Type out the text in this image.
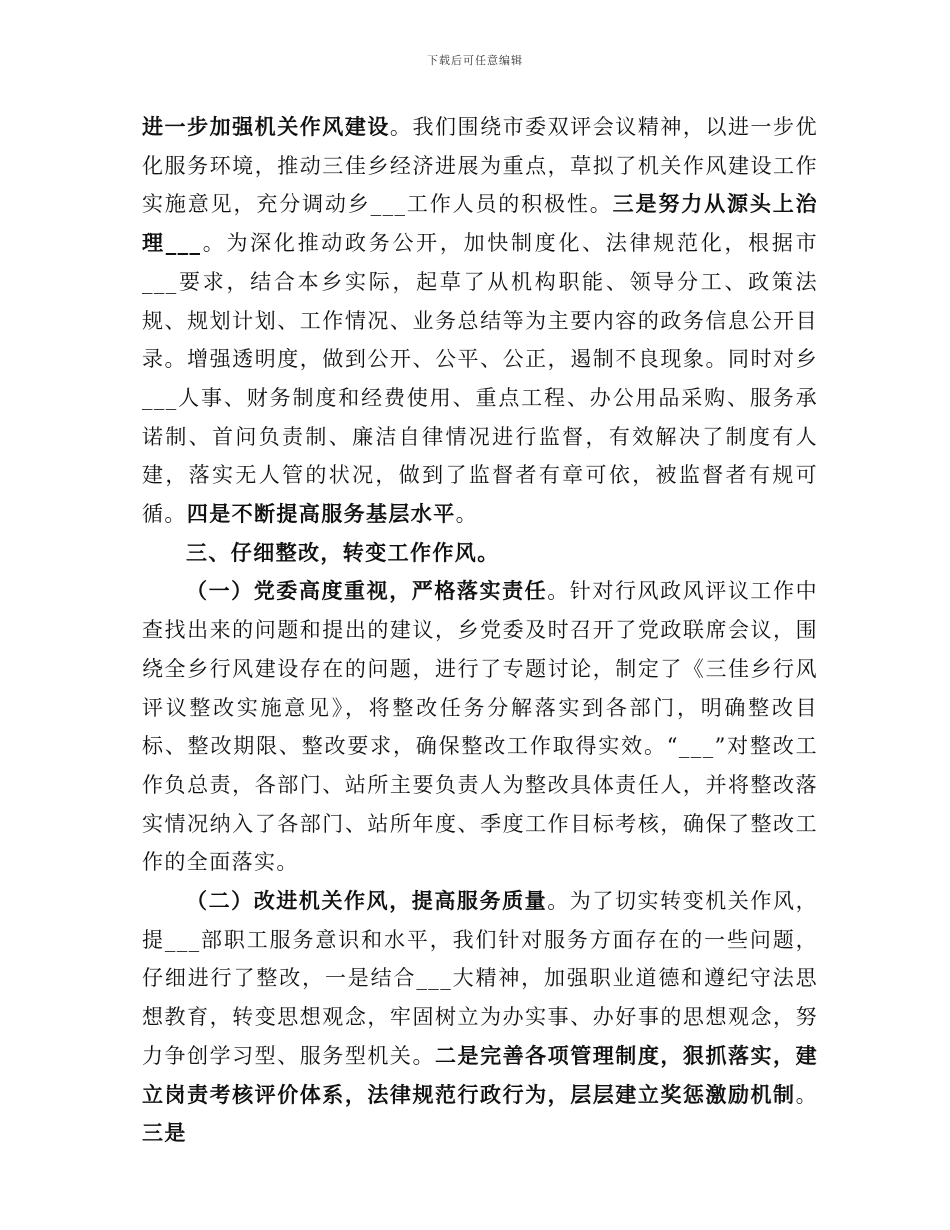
下载后可任意编辑

进一步加强机关作风建设。我们围绕市委双评会议精神，以进一步优化服务环境，推动三佳乡经济进展为重点，草拟了机关作风建设工作实施意见，充分调动乡___工作人员的积极性。三是努力从源头上治理___。为深化推动政务公开，加快制度化、法律规范化，根据市___要求，结合本乡实际，起草了从机构职能、领导分工、政策法规、规划计划、工作情况、业务总结等为主要内容的政务信息公开目录。增强透明度，做到公开、公平、公正，遏制不良现象。同时对乡___人事、财务制度和经费使用、重点工程、办公用品采购、服务承诺制、首问负责制、廉洁自律情况进行监督，有效解决了制度有人建，落实无人管的状况，做到了监督者有章可依，被监督者有规可循。四是不断提高服务基层水平。

三、仔细整改，转变工作作风。

（一）党委高度重视，严格落实责任。针对行风政风评议工作中查找出来的问题和提出的建议，乡党委及时召开了党政联席会议，围绕全乡行风建设存在的问题，进行了专题讨论，制定了《三佳乡行风评议整改实施意见》，将整改任务分解落实到各部门，明确整改目标、整改期限、整改要求，确保整改工作取得实效。“___”对整改工作负总责，各部门、站所主要负责人为整改具体责任人，并将整改落实情况纳入了各部门、站所年度、季度工作目标考核，确保了整改工作的全面落实。

（二）改进机关作风，提高服务质量。为了切实转变机关作风，提___部职工服务意识和水平，我们针对服务方面存在的一些问题，仔细进行了整改，一是结合___大精神，加强职业道德和遵纪守法思想教育，转变思想观念，牢固树立为办实事、办好事的思想观念，努力争创学习型、服务型机关。二是完善各项管理制度，狠抓落实，建立岗责考核评价体系，法律规范行政行为，层层建立奖惩激励机制。三是
